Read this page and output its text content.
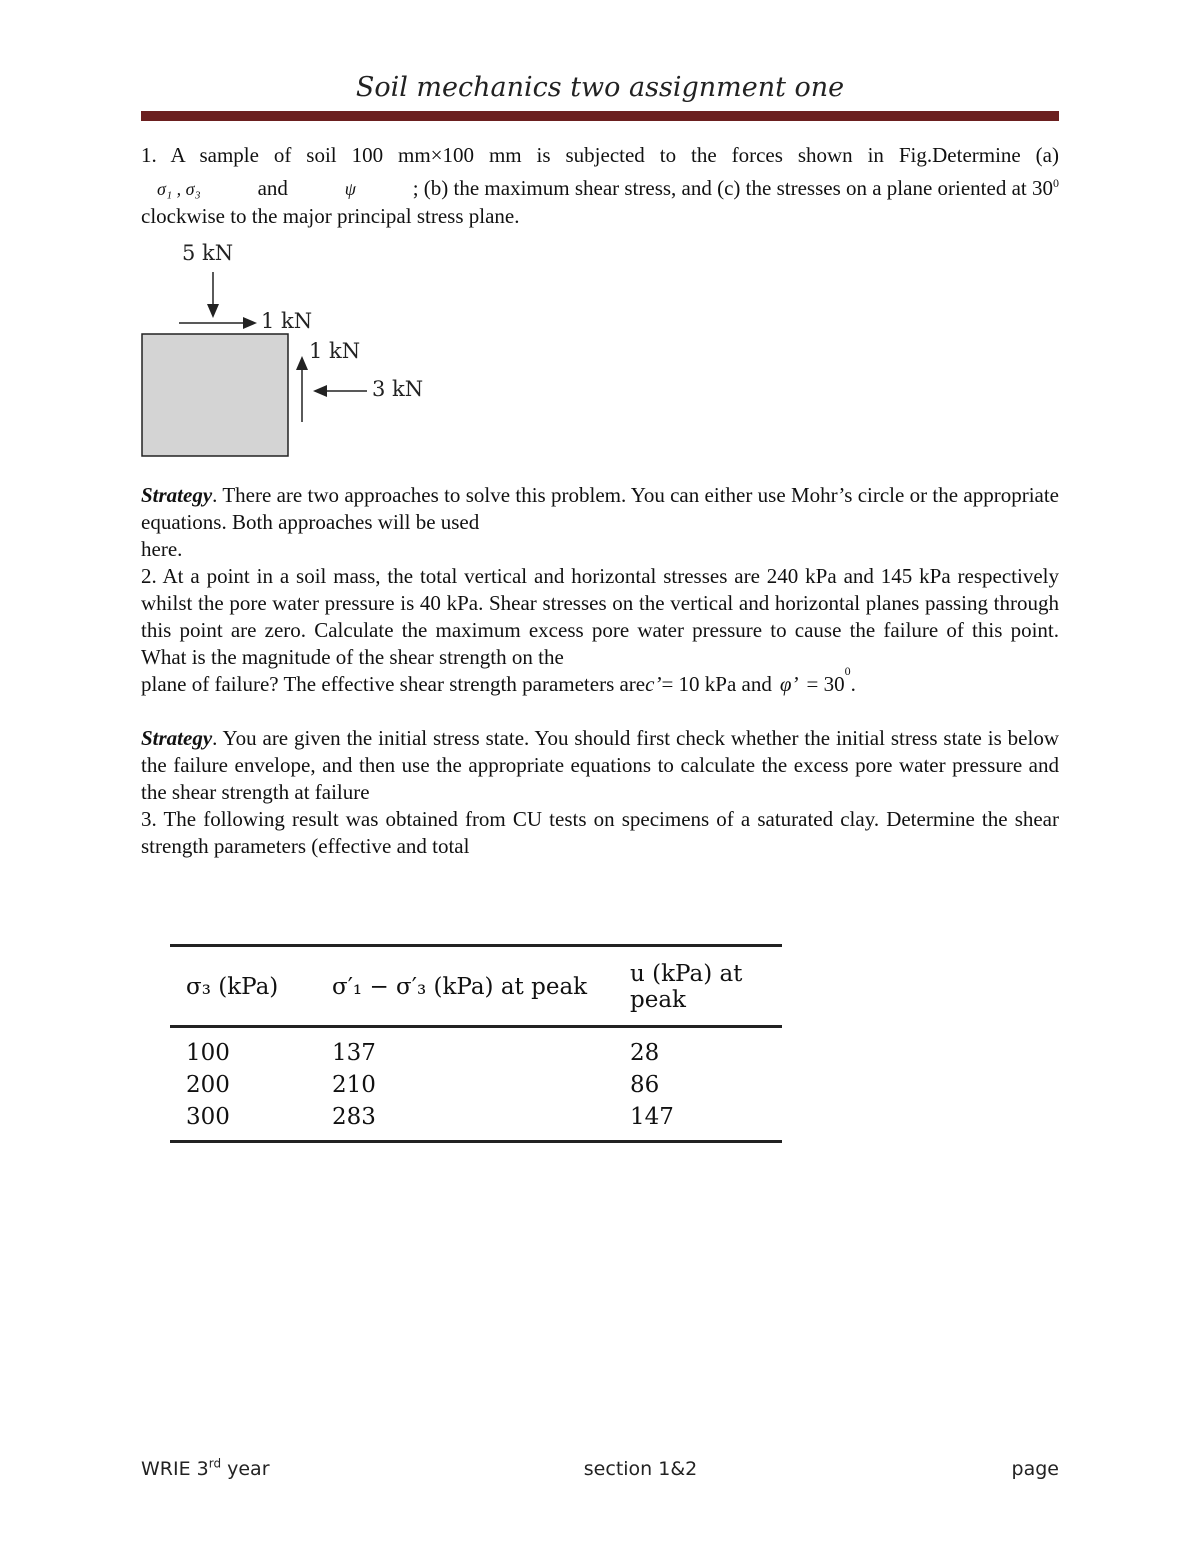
Soil mechanics two assignment one

1. A sample of soil 100 mm×100 mm is subjected to the forces shown in Fig.Determine (a)

σ₁ , σ₃	and	ψ	; (b) the maximum shear stress, and (c) the stresses on a plane oriented at $30^0$

clockwise to the major principal stress plane.

5 kN
1 kN
1 kN
3 kN

Strategy. There are two approaches to solve this problem. You can either use Mohr’s circle or the appropriate equations. Both approaches will be used

here.

2. At a point in a soil mass, the total vertical and horizontal stresses are 240 kPa and 145 kPa respectively whilst the pore water pressure is 40 kPa. Shear stresses on the vertical and horizontal planes passing through this point are zero. Calculate the maximum excess pore water pressure to cause the failure of this point. What is the magnitude of the shear strength on the

plane of failure? The effective shear strength parameters are c’ = 10 kPa and φ’ = 30
0
.

Strategy. You are given the initial stress state. You should first check whether the initial stress state is below the failure envelope, and then use the appropriate equations to calculate the excess pore water pressure and the shear strength at failure

3. The following result was obtained from CU tests on specimens of a saturated clay. Determine the shear strength parameters (effective and total

σ₃ (kPa)	σ′₁ − σ′₃ (kPa) at peak	u (kPa) at peak
100	137	28
200	210	86
300	283	147
WRIE 3rd year	section 1&2	page
